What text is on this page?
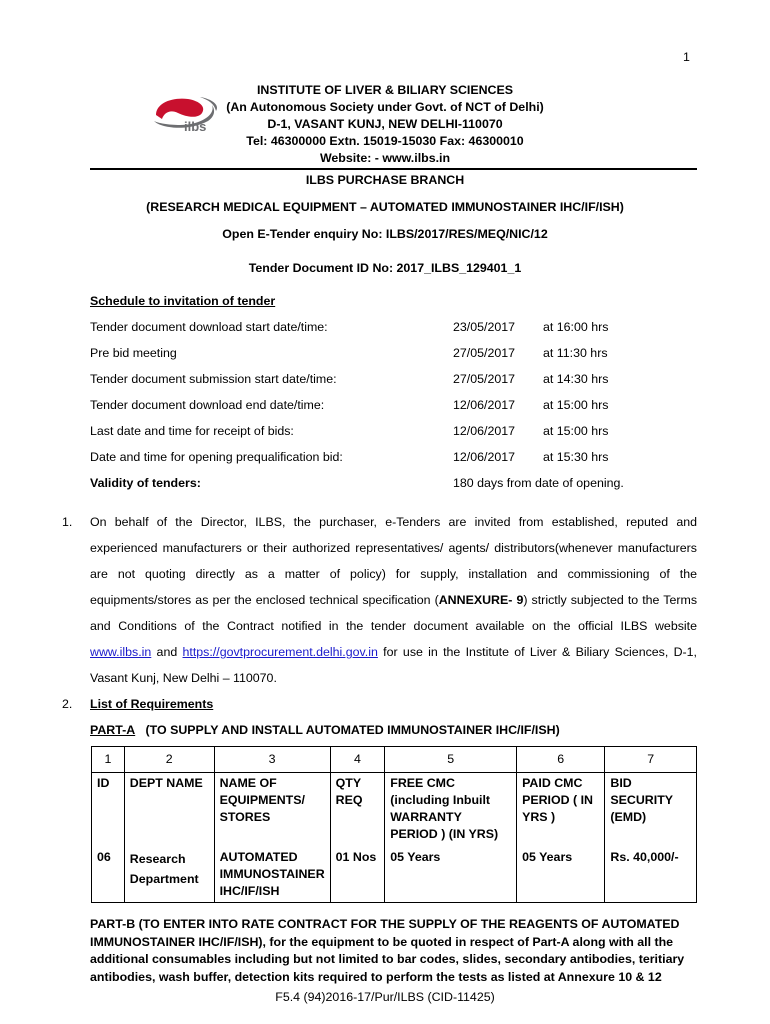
1
ilbs
INSTITUTE OF LIVER & BILIARY SCIENCES
(An Autonomous Society under Govt. of NCT of Delhi)
D-1, VASANT KUNJ, NEW DELHI-110070
Tel: 46300000 Extn. 15019-15030 Fax: 46300010
Website: - www.ilbs.in
ILBS PURCHASE BRANCH
(RESEARCH MEDICAL EQUIPMENT – AUTOMATED IMMUNOSTAINER IHC/IF/ISH)
Open E-Tender enquiry No: ILBS/2017/RES/MEQ/NIC/12
Tender Document ID No: 2017_ILBS_129401_1
Schedule to invitation of tender
Tender document download start date/time:	23/05/2017 at 16:00 hrs
Pre bid meeting	27/05/2017 at 11:30 hrs
Tender document submission start date/time:	27/05/2017 at 14:30 hrs
Tender document download end date/time:	12/06/2017 at 15:00 hrs
Last date and time for receipt of bids:	12/06/2017 at 15:00 hrs
Date and time for opening prequalification bid:	12/06/2017 at 15:30 hrs
Validity of tenders:	180 days from date of opening.
1. On behalf of the Director, ILBS, the purchaser, e-Tenders are invited from established, reputed and experienced manufacturers or their authorized representatives/ agents/ distributors(whenever manufacturers are not quoting directly as a matter of policy) for supply, installation and commissioning of the equipments/stores as per the enclosed technical specification (ANNEXURE- 9) strictly subjected to the Terms and Conditions of the Contract notified in the tender document available on the official ILBS website www.ilbs.in and https://govtprocurement.delhi.gov.in for use in the Institute of Liver & Biliary Sciences, D-1, Vasant Kunj, New Delhi – 110070.
2. List of Requirements
PART-A (TO SUPPLY AND INSTALL AUTOMATED IMMUNOSTAINER IHC/IF/ISH)
1	2	3	4	5	6	7
ID	DEPT NAME	NAME OF EQUIPMENTS/ STORES	QTY REQ	FREE CMC (including Inbuilt WARRANTY PERIOD ) (IN YRS)	PAID CMC PERIOD ( IN YRS )	BID SECURITY (EMD)
06	Research Department	AUTOMATED IMMUNOSTAINER IHC/IF/ISH	01 Nos	05 Years	05 Years	Rs. 40,000/-
PART-B (TO ENTER INTO RATE CONTRACT FOR THE SUPPLY OF THE REAGENTS OF AUTOMATED IMMUNOSTAINER IHC/IF/ISH), for the equipment to be quoted in respect of Part-A along with all the additional consumables including but not limited to bar codes, slides, secondary antibodies, teritiary antibodies, wash buffer, detection kits required to perform the tests as listed at Annexure 10 & 12
F5.4 (94)2016-17/Pur/ILBS (CID-11425)
